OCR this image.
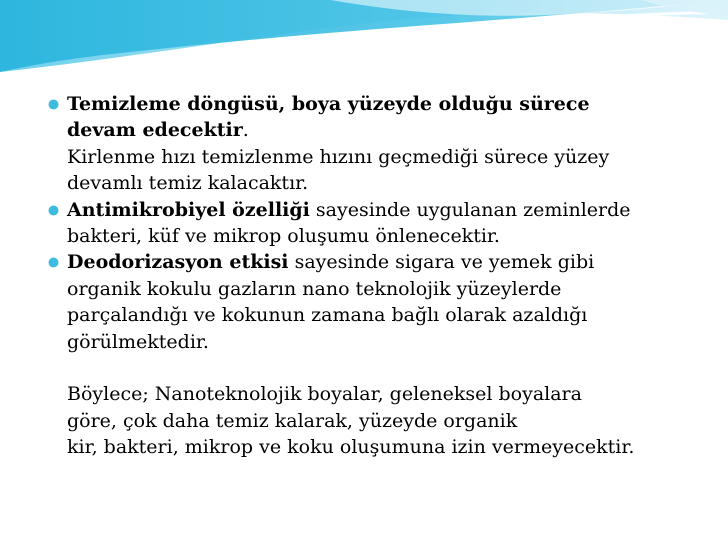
Temizleme döngüsü, boya yüzeyde olduğu sürece
devam edecektir.
Kirlenme hızı temizlenme hızını geçmediği sürece yüzey
devamlı temiz kalacaktır.
Antimikrobiyel özelliği sayesinde uygulanan zeminlerde
bakteri, küf ve mikrop oluşumu önlenecektir.
Deodorizasyon etkisi sayesinde sigara ve yemek gibi
organik kokulu gazların nano teknolojik yüzeylerde
parçalandığı ve kokunun zamana bağlı olarak azaldığı
görülmektedir.
Böylece; Nanoteknolojik boyalar, geleneksel boyalara
göre, çok daha temiz kalarak, yüzeyde organik
kir, bakteri, mikrop ve koku oluşumuna izin vermeyecektir.
